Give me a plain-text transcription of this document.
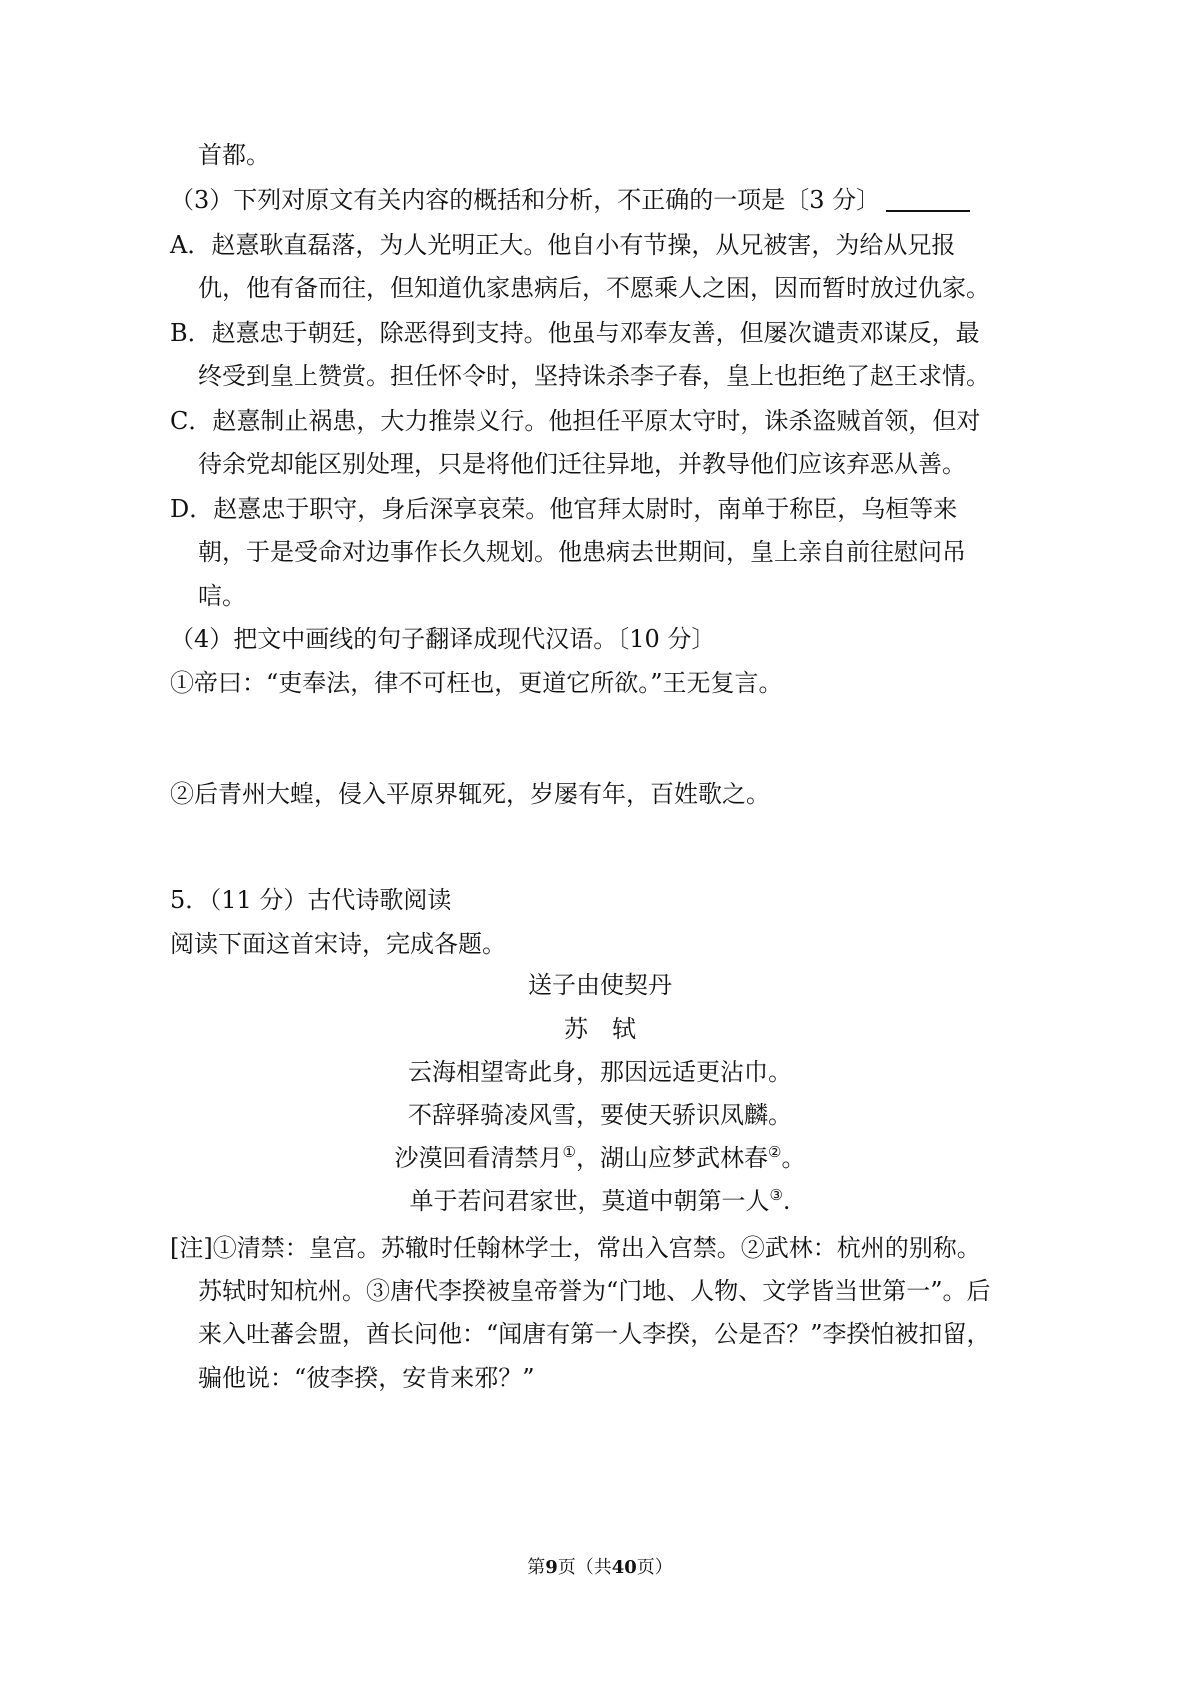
首都。
（3）下列对原文有关内容的概括和分析，不正确的一项是〔3 分〕
A．赵憙耿直磊落，为人光明正大。他自小有节操，从兄被害，为给从兄报
仇，他有备而往，但知道仇家患病后，不愿乘人之困，因而暂时放过仇家。
B．赵憙忠于朝廷，除恶得到支持。他虽与邓奉友善，但屡次谴责邓谋反，最
终受到皇上赞赏。担任怀令时，坚持诛杀李子春，皇上也拒绝了赵王求情。
C．赵憙制止祸患，大力推崇义行。他担任平原太守时，诛杀盗贼首领，但对
待余党却能区别处理，只是将他们迁往异地，并教导他们应该弃恶从善。
D．赵憙忠于职守，身后深享哀荣。他官拜太尉时，南单于称臣，乌桓等来
朝，于是受命对边事作长久规划。他患病去世期间，皇上亲自前往慰问吊
唁。
（4）把文中画线的句子翻译成现代汉语。〔10 分〕
①帝曰：“吏奉法，律不可枉也，更道它所欲。”王无复言。
②后青州大蝗，侵入平原界辄死，岁屡有年，百姓歌之。
5．（11 分）古代诗歌阅读
阅读下面这首宋诗，完成各题。
送子由使契丹
苏　轼
云海相望寄此身，那因远适更沾巾。
不辞驿骑凌风雪，要使天骄识凤麟。
沙漠回看清禁月①，湖山应梦武林春②。
单于若问君家世，莫道中朝第一人③.
[注]①清禁：皇宫。苏辙时任翰林学士，常出入宫禁。②武林：杭州的别称。
苏轼时知杭州。③唐代李揆被皇帝誉为“门地、人物、文学皆当世第一”。后
来入吐蕃会盟，酋长问他：“闻唐有第一人李揆，公是否？”李揆怕被扣留，
骗他说：“彼李揆，安肯来邪？”
第9页（共40页）
